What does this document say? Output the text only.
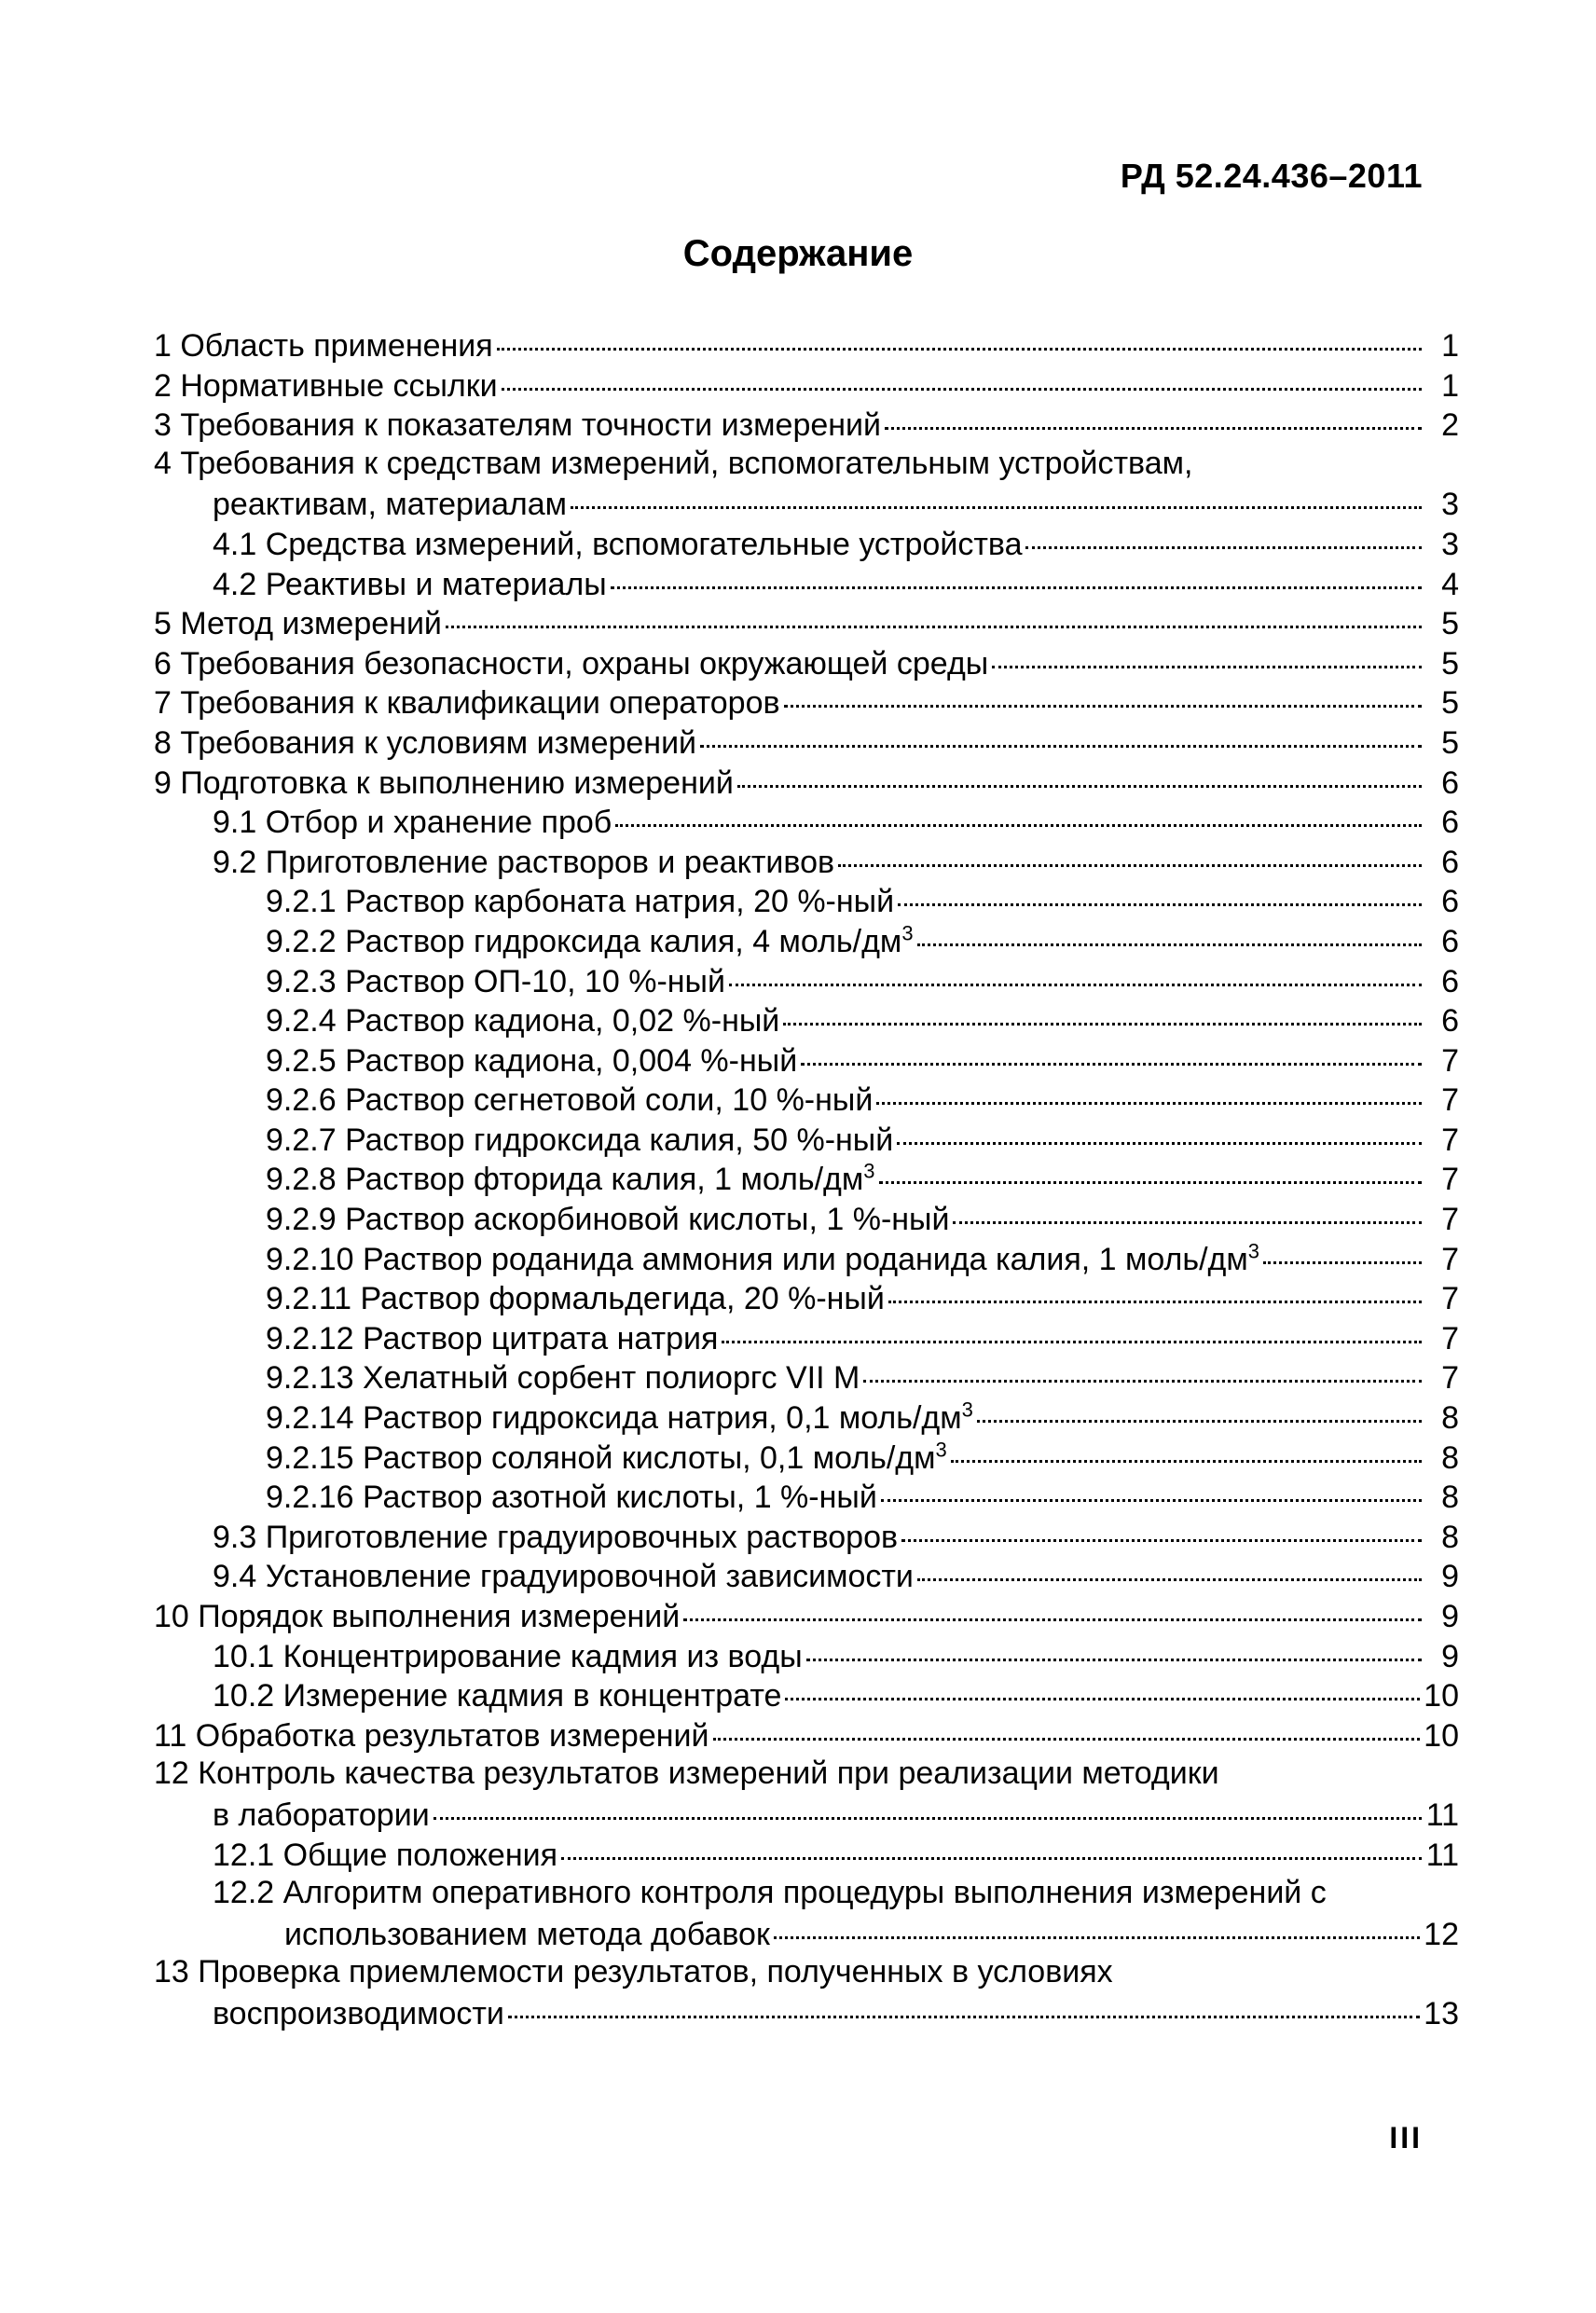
РД 52.24.436–2011
Содержание
1 Область применения	1
2 Нормативные ссылки	1
3 Требования к показателям точности измерений	2
4 Требования к средствам измерений, вспомогательным устройствам,
реактивам, материалам	3
4.1 Средства измерений, вспомогательные устройства	3
4.2 Реактивы и материалы	4
5 Метод измерений	5
6 Требования безопасности, охраны окружающей среды	5
7 Требования к квалификации операторов	5
8 Требования к условиям измерений	5
9 Подготовка к выполнению измерений	6
9.1 Отбор и хранение проб	6
9.2 Приготовление растворов и реактивов	6
9.2.1 Раствор карбоната натрия, 20 %-ный	6
9.2.2 Раствор гидроксида калия, 4 моль/$дм^3$	6
9.2.3 Раствор ОП-10, 10 %-ный	6
9.2.4 Раствор кадиона, 0,02 %-ный	6
9.2.5 Раствор кадиона, 0,004 %-ный	7
9.2.6 Раствор сегнетовой соли, 10 %-ный	7
9.2.7 Раствор гидроксида калия, 50 %-ный	7
9.2.8 Раствор фторида калия, 1 моль/$дм^3$	7
9.2.9 Раствор аскорбиновой кислоты, 1 %-ный	7
9.2.10 Раствор роданида аммония или роданида калия, 1 моль/$дм^3$	7
9.2.11 Раствор формальдегида, 20 %-ный	7
9.2.12 Раствор цитрата натрия	7
9.2.13 Хелатный сорбент полиоргс VII М	7
9.2.14 Раствор гидроксида натрия, 0,1 моль/$дм^3$	8
9.2.15 Раствор соляной кислоты, 0,1 моль/$дм^3$	8
9.2.16 Раствор азотной кислоты, 1 %-ный	8
9.3 Приготовление градуировочных растворов	8
9.4 Установление градуировочной зависимости	9
10 Порядок выполнения измерений	9
10.1 Концентрирование кадмия из воды	9
10.2 Измерение кадмия в концентрате	10
11 Обработка результатов измерений	10
12 Контроль качества результатов измерений при реализации методики
в лаборатории	11
12.1 Общие положения	11
12.2 Алгоритм оперативного контроля процедуры выполнения измерений с
использованием метода добавок	12
13 Проверка приемлемости результатов, полученных в условиях
воспроизводимости	13
III
